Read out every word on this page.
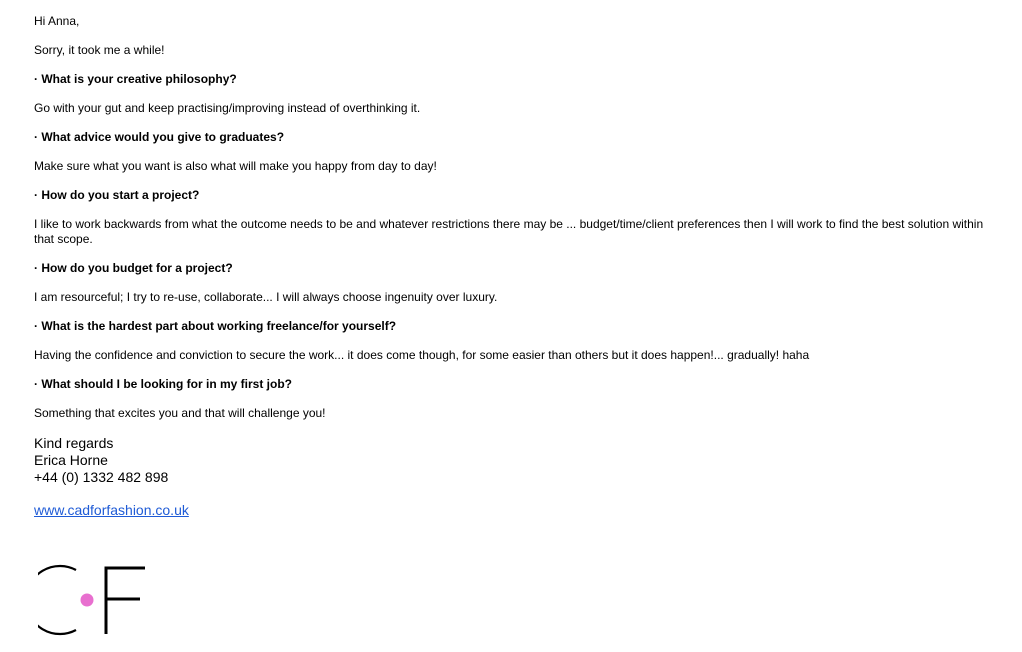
Hi Anna,

Sorry, it took me a while!

· What is your creative philosophy?

Go with your gut and keep practising/improving instead of overthinking it.

· What advice would you give to graduates?

Make sure what you want is also what will make you happy from day to day!

· How do you start a project?

I like to work backwards from what the outcome needs to be and whatever restrictions there may be ... budget/time/client preferences then I will work to find the best solution within that scope.

· How do you budget for a project?

I am resourceful; I try to re-use, collaborate... I will always choose ingenuity over luxury.

· What is the hardest part about working freelance/for yourself?

Having the confidence and conviction to secure the work... it does come though, for some easier than others but it does happen!... gradually! haha

· What should I be looking for in my first job?

Something that excites you and that will challenge you!

Kind regards
Erica Horne
+44 (0) 1332 482 898
www.cadforfashion.co.uk
